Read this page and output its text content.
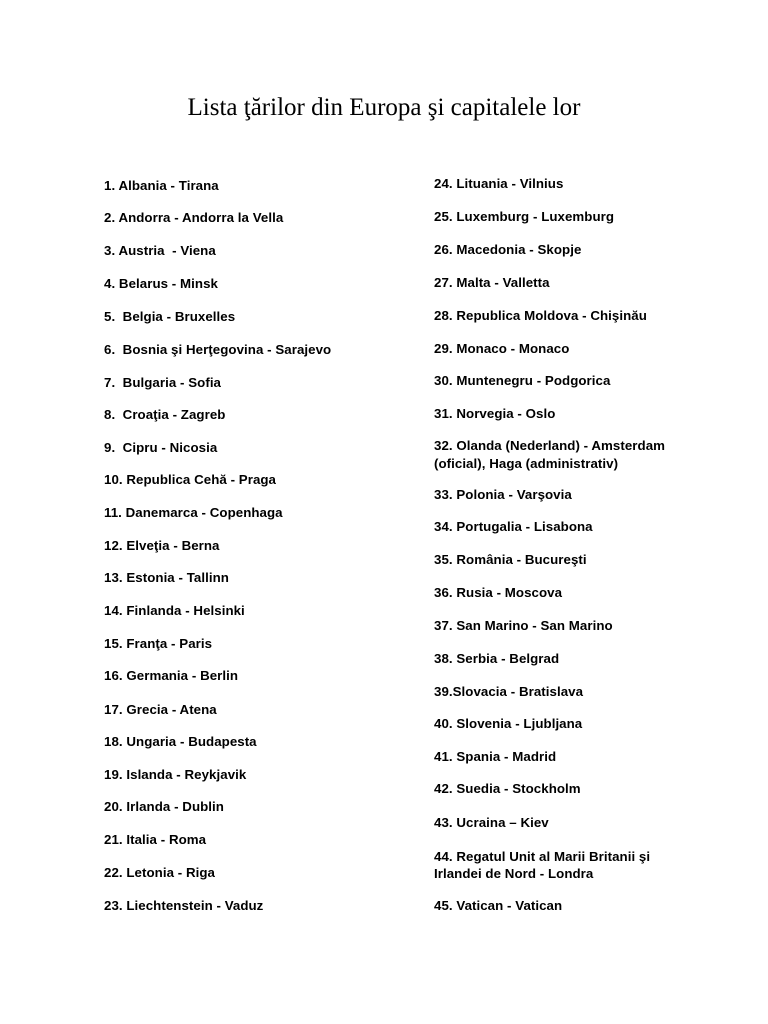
Lista ţărilor din Europa şi capitalele lor
1. Albania - Tirana
2. Andorra - Andorra la Vella
3. Austria  - Viena
4. Belarus - Minsk
5.  Belgia - Bruxelles
6.  Bosnia şi Herţegovina - Sarajevo
7.  Bulgaria - Sofia
8.  Croaţia - Zagreb
9.  Cipru - Nicosia
10. Republica Cehă - Praga
11. Danemarca - Copenhaga
12. Elveţia - Berna
13. Estonia - Tallinn
14. Finlanda - Helsinki
15. Franţa - Paris
16. Germania - Berlin
17. Grecia - Atena
18. Ungaria - Budapesta
19. Islanda - Reykjavik
20. Irlanda - Dublin
21. Italia - Roma
22. Letonia - Riga
23. Liechtenstein - Vaduz
24. Lituania - Vilnius
25. Luxemburg - Luxemburg
26. Macedonia - Skopje
27. Malta - Valletta
28. Republica Moldova - Chişinău
29. Monaco - Monaco
30. Muntenegru - Podgorica
31. Norvegia - Oslo
32. Olanda (Nederland) - Amsterdam
(oficial), Haga (administrativ)
33. Polonia - Varşovia
34. Portugalia - Lisabona
35. România - Bucureşti
36. Rusia - Moscova
37. San Marino - San Marino
38. Serbia - Belgrad
39.Slovacia - Bratislava
40. Slovenia - Ljubljana
41. Spania - Madrid
42. Suedia - Stockholm
43. Ucraina – Kiev
44. Regatul Unit al Marii Britanii şi
Irlandei de Nord - Londra
45. Vatican - Vatican
